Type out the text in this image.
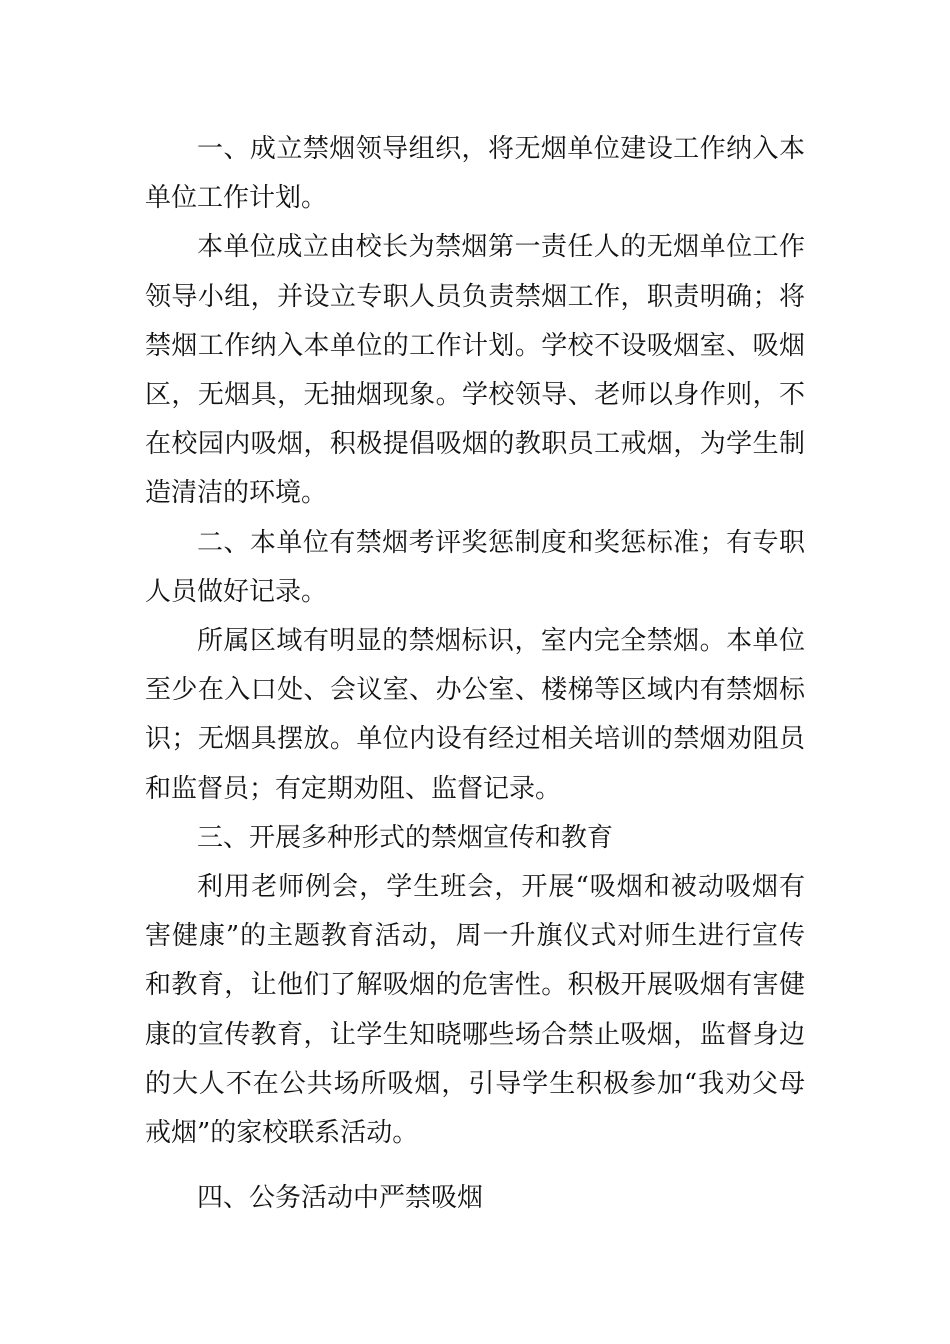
一、成立禁烟领导组织，将无烟单位建设工作纳入本单位工作计划。

本单位成立由校长为禁烟第一责任人的无烟单位工作领导小组，并设立专职人员负责禁烟工作，职责明确；将禁烟工作纳入本单位的工作计划。学校不设吸烟室、吸烟区，无烟具，无抽烟现象。学校领导、老师以身作则，不在校园内吸烟，积极提倡吸烟的教职员工戒烟，为学生制造清洁的环境。

二、本单位有禁烟考评奖惩制度和奖惩标准；有专职人员做好记录。

所属区域有明显的禁烟标识，室内完全禁烟。本单位至少在入口处、会议室、办公室、楼梯等区域内有禁烟标识；无烟具摆放。单位内设有经过相关培训的禁烟劝阻员和监督员；有定期劝阻、监督记录。

三、开展多种形式的禁烟宣传和教育

利用老师例会，学生班会，开展“吸烟和被动吸烟有害健康”的主题教育活动，周一升旗仪式对师生进行宣传和教育，让他们了解吸烟的危害性。积极开展吸烟有害健康的宣传教育，让学生知晓哪些场合禁止吸烟，监督身边的大人不在公共场所吸烟，引导学生积极参加“我劝父母戒烟”的家校联系活动。

四、公务活动中严禁吸烟
